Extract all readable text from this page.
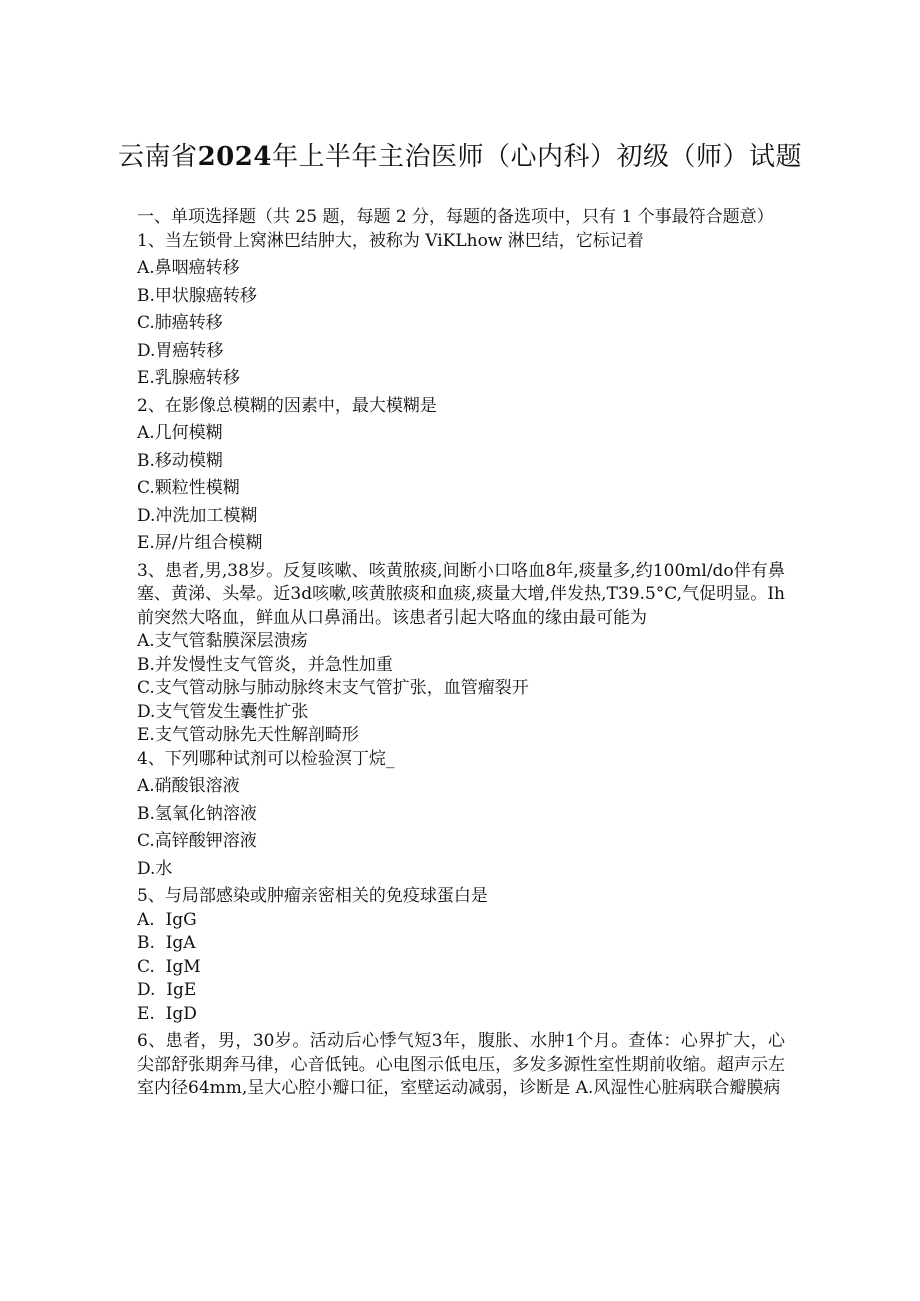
云南省2024年上半年主治医师（心内科）初级（师）试题

一、单项选择题（共 25 题，每题 2 分，每题的备选项中，只有 1 个事最符合题意）

1、当左锁骨上窝淋巴结肿大，被称为 ViKLhow 淋巴结，它标记着

A.鼻咽癌转移

B.甲状腺癌转移

C.肺癌转移

D.胃癌转移

E.乳腺癌转移

2、在影像总模糊的因素中，最大模糊是

A.几何模糊

B.移动模糊

C.颗粒性模糊

D.冲洗加工模糊

E.屏/片组合模糊

3、患者,男,38岁。反复咳嗽、咳黄脓痰,间断小口咯血8年,痰量多,约100ml/do伴有鼻塞、黄涕、头晕。近3d咳嗽,咳黄脓痰和血痰,痰量大增,伴发热,T39.5°C,气促明显。Ih前突然大咯血，鲜血从口鼻涌出。该患者引起大咯血的缘由最可能为

A.支气管黏膜深层溃疡

B.并发慢性支气管炎，并急性加重

C.支气管动脉与肺动脉终末支气管扩张，血管瘤裂开

D.支气管发生囊性扩张

E.支气管动脉先天性解剖畸形

4、下列哪种试剂可以检验溟丁烷_

A.硝酸银溶液

B.氢氧化钠溶液

C.高锌酸钾溶液

D.水

5、与局部感染或肿瘤亲密相关的免疫球蛋白是

A.  IgG

B.  IgA

C.  IgM

D.  IgE

E.  IgD

6、患者，男，30岁。活动后心悸气短3年，腹胀、水肿1个月。查体：心界扩大，心尖部舒张期奔马律，心音低钝。心电图示低电压，多发多源性室性期前收缩。超声示左室内径64mm,呈大心腔小瓣口征，室壁运动减弱，诊断是 A.风湿性心脏病联合瓣膜病
